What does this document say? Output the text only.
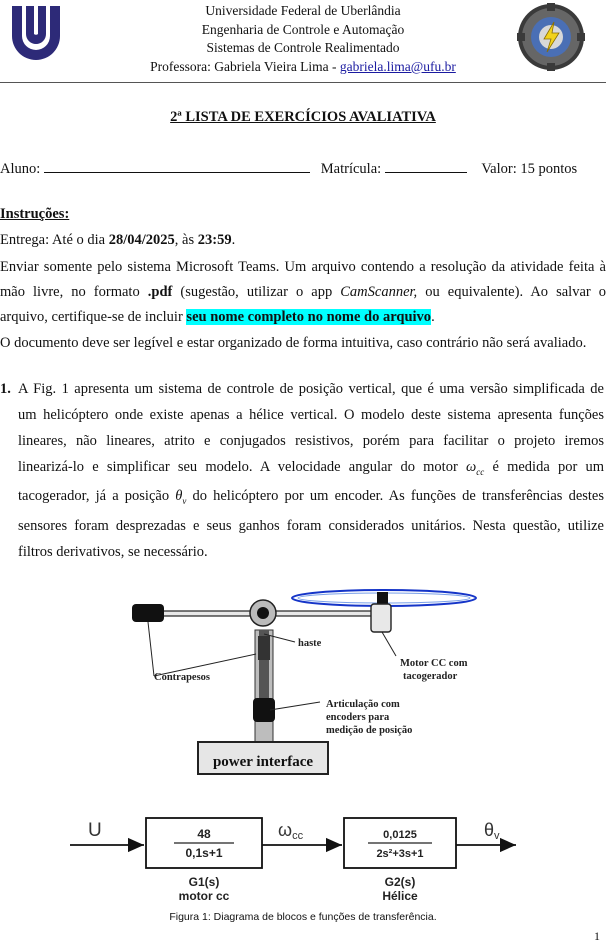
Universidade Federal de Uberlândia
Engenharia de Controle e Automação
Sistemas de Controle Realimentado
Professora: Gabriela Vieira Lima - gabriela.lima@ufu.br
2ª LISTA DE EXERCÍCIOS AVALIATIVA
Aluno:	Matrícula:	Valor: 15 pontos
Instruções:
Entrega: Até o dia 28/04/2025, às 23:59.
Enviar somente pelo sistema Microsoft Teams. Um arquivo contendo a resolução da atividade feita à
mão livre, no formato .pdf (sugestão, utilizar o app CamScanner, ou equivalente). Ao salvar o
arquivo, certifique-se de incluir seu nome completo no nome do arquivo.
O documento deve ser legível e estar organizado de forma intuitiva, caso contrário não será avaliado.
1. A Fig. 1 apresenta um sistema de controle de posição vertical, que é uma versão simplificada de
um helicóptero onde existe apenas a hélice vertical. O modelo deste sistema apresenta funções
lineares, não lineares, atrito e conjugados resistivos, porém para facilitar o projeto iremos
linearizá-lo e simplificar seu modelo. A velocidade angular do motor $\omega_{cc}$ é medida por um
tacogerador, já a posição $\theta_v$ do helicóptero por um encoder. As funções de transferências destes
sensores foram desprezadas e seus ganhos foram considerados unitários. Nesta questão, utilize
filtros derivativos, se necessário.
power interface
haste
Contrapesos
Motor CC com
tacogerador
Articulação com
encoders para
medição de posição
U	48
0,1s+1
ωcc	0,0125
2s²+3s+1
θv
G1(s)
motor cc
G2(s)
Hélice
Figura 1: Diagrama de blocos e funções de transferência.
1
